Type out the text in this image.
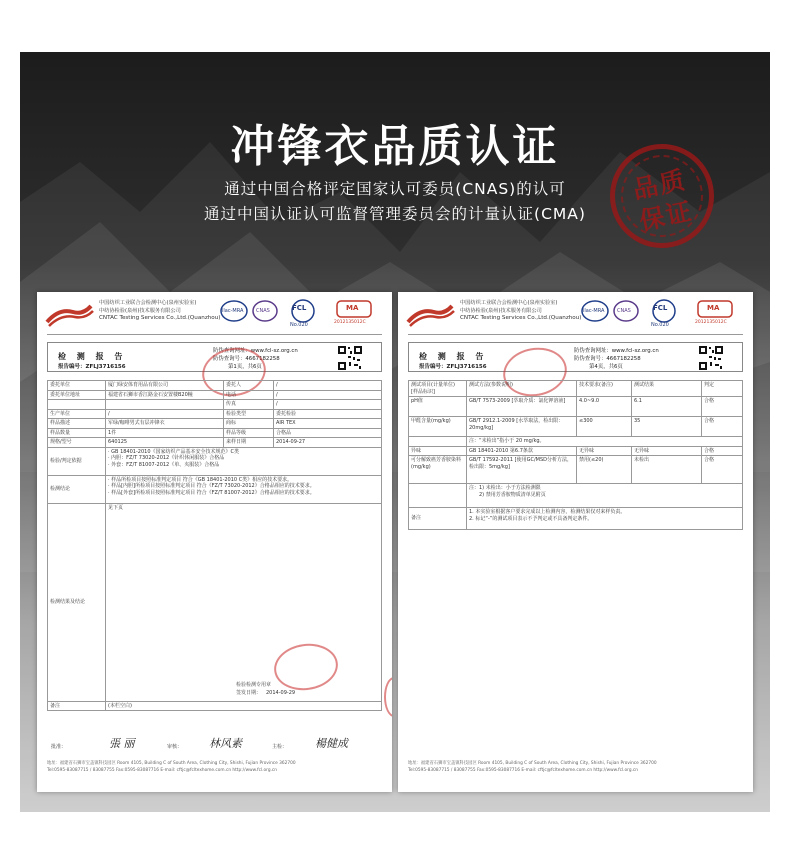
冲锋衣品质认证
通过中国合格评定国家认可委员(CNAS)的认可
通过中国认证认可监督管理委员会的计量认证(CMA)
品质
保证
中国纺织工业联合会检测中心(泉州实验室)
中纺协检验(泉州)技术服务有限公司
CNTAC Testing Services Co.,Ltd.(Quanzhou)
ilac-MRA	CNAS	FCL
No.020
MA
2012135012C
检 测 报 告
报告编号：ZFLJ3716156
防伪查询网址：www.fcl-sz.org.cn
防伪查询号：4667182258
第1页，共6页
委托单位	厦门绿安体育用品有限公司	委托人	/
委托单位地址	福建省石狮市香江路金石安置楼B20幢	电话	/
		传真	/
生产单位	/	检验类型	委托检验
样品描述	军绿/咖啡男式有层冲锋衣	商标	AIR TEX
样品数量	1件	样品等级	合格品
规格/型号	640125	来样日期	2014-09-27
检验/判定依据	· GB 18401-2010《国家纺织产品基本安全技术规范》C类
· 内胆：FZ/T 73020-2012《针织休闲服装》合格品
· 外套：FZ/T 81007-2012《单、夹服装》合格品		

检测结论	· 样品所检项目按照标准判定项目 符合《GB 18401-2010 C类》相应的技术要求。
· 样品[内胆]所检项目按照标准判定项目 符合《FZ/T 73020-2012》合格品相应的技术要求。
· 样品[外套]所检项目按照标准判定项目 符合《FZ/T 81007-2012》合格品相应的技术要求。		

检测结果及结论	见下页
检验检测专用章
签发日期： 2014-09-29		

备注	(本栏空白)		
批准：	張 丽	审核： 林风素	主检：	楊健成
地址：福建省石狮市宝盖镇科技园区 Room 4105, Building C of South Area, Clothing City, Shishi, Fujian Province 362700
Tel:0595-83087715 / 83087755 Fax:0595-83087716 E-mail: cftjc@fcltexhome.com.cn http://www.fcl.org.cn
中国纺织工业联合会检测中心(泉州实验室)
中纺协检验(泉州)技术服务有限公司
CNTAC Testing Services Co.,Ltd.(Quanzhou)
ilac-MRA	CNAS	FCL
No.020
MA
2012135012C
检 测 报 告
报告编号：ZFLJ3716156
防伪查询网址：www.fcl-sz.org.cn
防伪查询号：4667182258
第4页，共6页
测试项目(计量单位)
[样品标识]	测试方法(参数说明)	技术要求(备注)	测试结果	判定
pH值	GB/T 7573-2009 [萃取介质：氯化钾溶液]	4.0~9.0	6.1	合格
甲醛含量(mg/kg)	GB/T 2912.1-2009 [水萃取法，检出限：20mg/kg]	≤300	35	合格
	注：“未检出”指小于 20 mg/kg。			
异味	GB 18401-2010 第6.7条款	无异味	无异味	合格
可分解致癌芳香胺染料(mg/kg)	GB/T 17592-2011 [使用GC/MSD分析方法，检出限：5mg/kg]	禁用(≤20)	未检出	合格

	注：1) 未检出：小于方法检测限
2) 禁用芳香胺物质清单见附页			

备注	1. 本实验室根据客户要求完成以上检测内容，检测结果仅对来样负责。
2. 标记“-”的测试项目表示不予判定或不具备判定条件。			
地址：福建省石狮市宝盖镇科技园区 Room 4105, Building C of South Area, Clothing City, Shishi, Fujian Province 362700
Tel:0595-83087715 / 83087755 Fax:0595-83087716 E-mail: cftjc@fcltexhome.com.cn http://www.fcl.org.cn
